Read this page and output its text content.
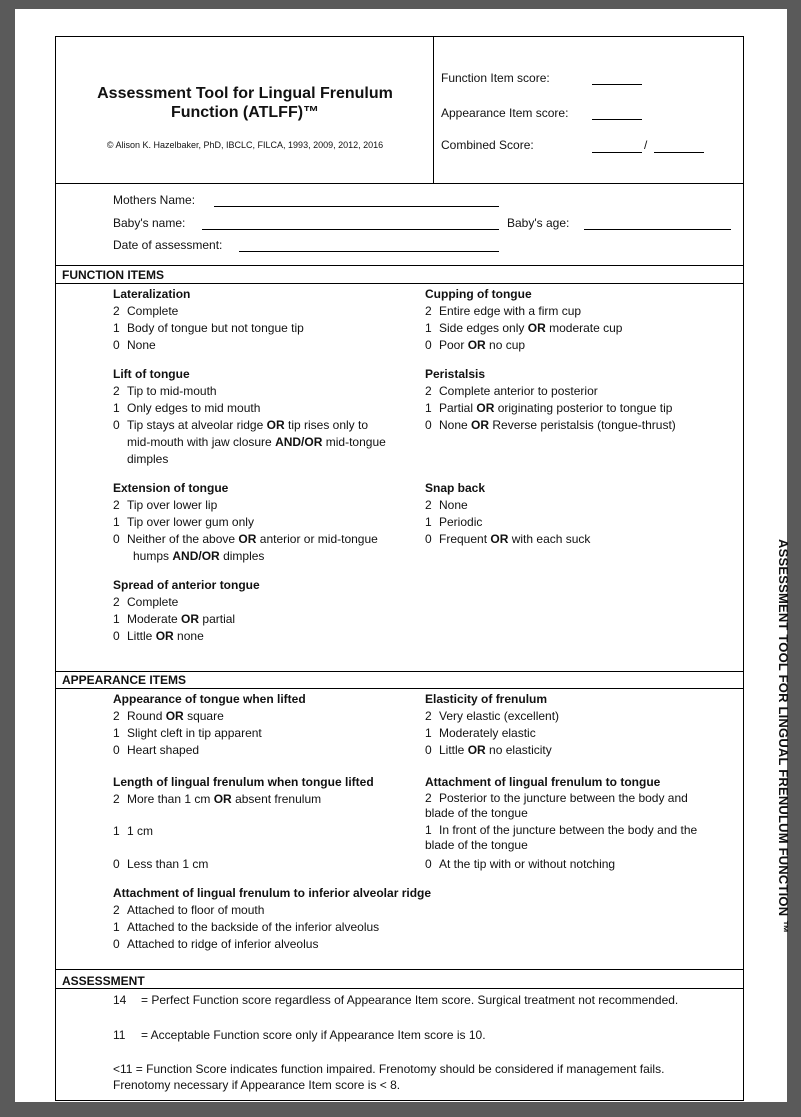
Assessment Tool for Lingual Frenulum
Function (ATLFF)™
© Alison K. Hazelbaker, PhD, IBCLC, FILCA, 1993, 2009, 2012, 2016
Function Item score:
Appearance Item score:
Combined Score:	/
Mothers Name:
Baby's name:	Baby's age:
Date of assessment:
FUNCTION ITEMS
Lateralization
2 Complete
1 Body of tongue but not tongue tip
0 None
Lift of tongue
2 Tip to mid-mouth
1 Only edges to mid mouth
0 Tip stays at alveolar ridge OR tip rises only to
mid-mouth with jaw closure AND/OR mid-tongue
dimples
Extension of tongue
2 Tip over lower lip
1 Tip over lower gum only
0 Neither of the above OR anterior or mid-tongue
humps AND/OR dimples
Spread of anterior tongue
2 Complete
1 Moderate OR partial
0 Little OR none
Cupping of tongue
2 Entire edge with a firm cup
1 Side edges only OR moderate cup
0 Poor OR no cup
Peristalsis
2 Complete anterior to posterior
1 Partial OR originating posterior to tongue tip
0 None OR Reverse peristalsis (tongue-thrust)
Snap back
2 None
1 Periodic
0 Frequent OR with each suck
APPEARANCE ITEMS
Appearance of tongue when lifted
2 Round OR square
1 Slight cleft in tip apparent
0 Heart shaped
Elasticity of frenulum
2 Very elastic (excellent)
1 Moderately elastic
0 Little OR no elasticity
Length of lingual frenulum when tongue lifted
2 More than 1 cm OR absent frenulum
1 1 cm
0 Less than 1 cm
Attachment of lingual frenulum to tongue
2 Posterior to the juncture between the body and
blade of the tongue
1 In front of the juncture between the body and the
blade of the tongue
0 At the tip with or without notching
Attachment of lingual frenulum to inferior alveolar ridge
2 Attached to floor of mouth
1 Attached to the backside of the inferior alveolus
0 Attached to ridge of inferior alveolus
ASSESSMENT
14 = Perfect Function score regardless of Appearance Item score. Surgical treatment not recommended.
11 = Acceptable Function score only if Appearance Item score is 10.
<11 = Function Score indicates function impaired. Frenotomy should be considered if management fails.
Frenotomy necessary if Appearance Item score is < 8.
ASSESSMENT TOOL FOR LINGUAL FRENULUM FUNCTION ™
